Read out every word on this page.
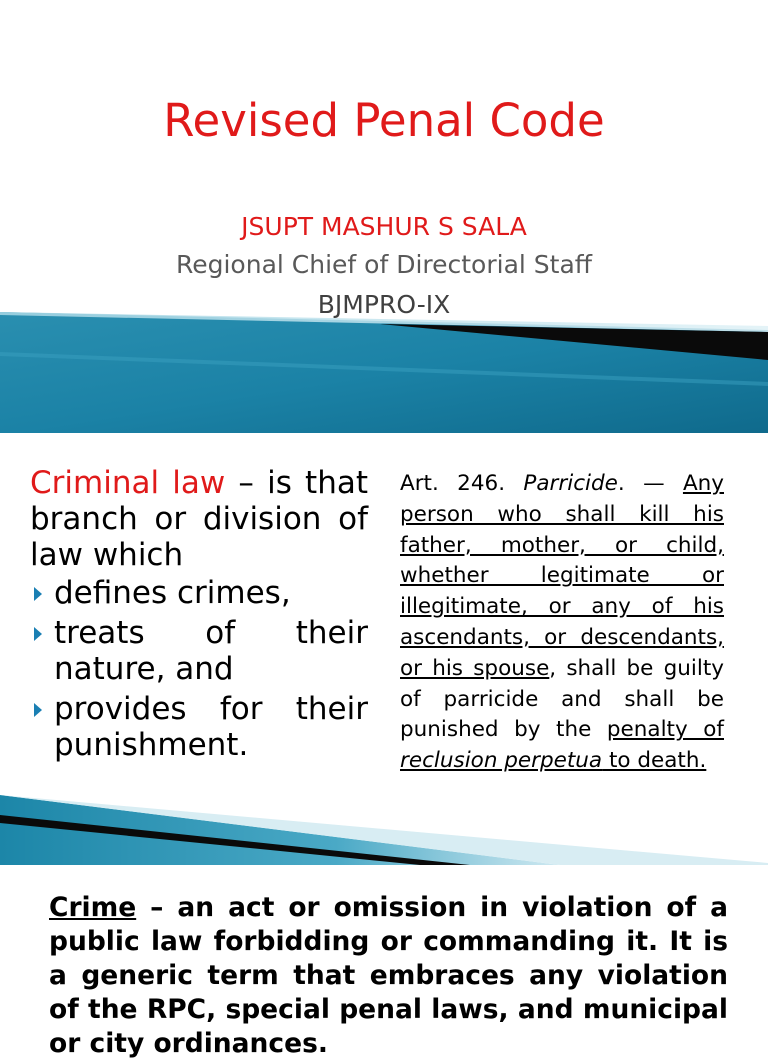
Revised Penal Code
JSUPT MASHUR S SALA
Regional Chief of Directorial Staff
BJMPRO-IX

Criminal law – is that branch or division of law which

defines crimes,
treats of their nature, and
provides for their punishment.
Art. 246. Parricide. — Any person who shall kill his father, mother, or child, whether legitimate or illegitimate, or any of his ascendants, or descendants, or his spouse, shall be guilty of parricide and shall be punished by the penalty of reclusion perpetua to death.
Crime – an act or omission in violation of a public law forbidding or commanding it. It is a generic term that embraces any violation of the RPC, special penal laws, and municipal or city ordinances.
